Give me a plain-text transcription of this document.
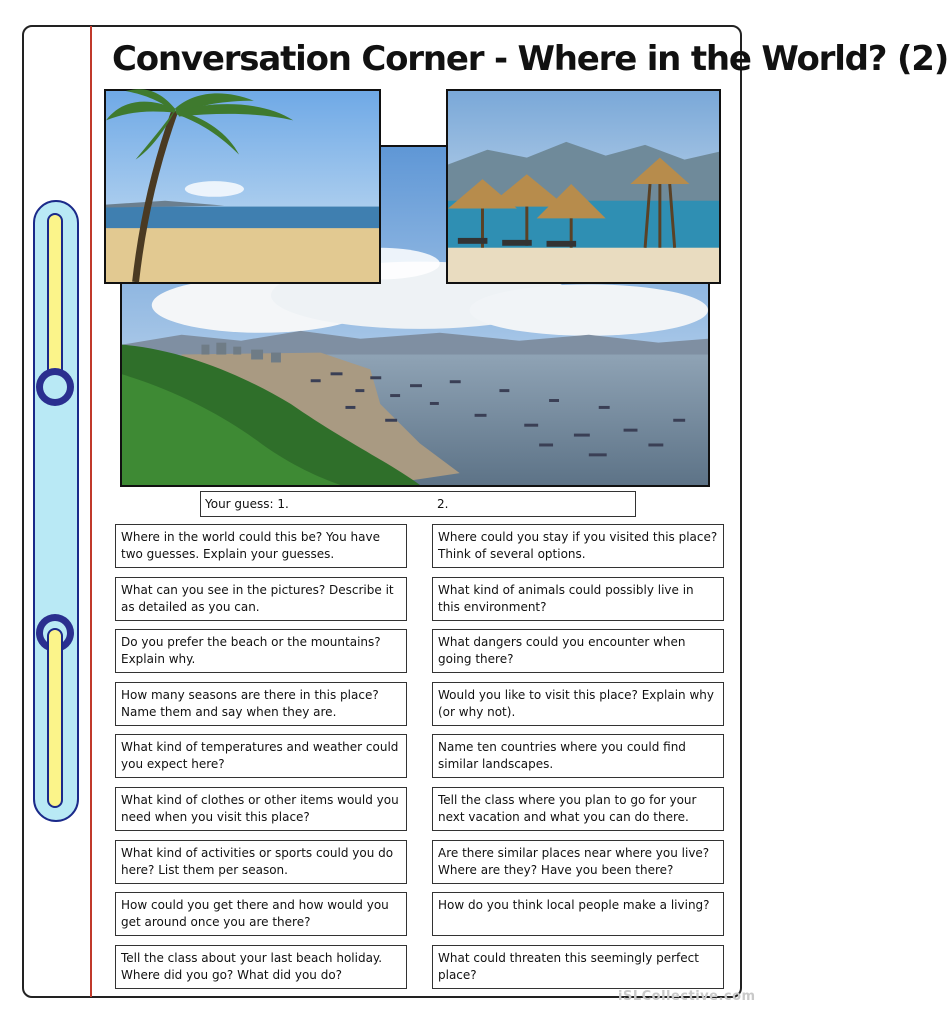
Conversation Corner - Where in the World? (2)
Your guess: 1.	2.
Where in the world could this be? You have two guesses. Explain your guesses.
What can you see in the pictures? Describe it as detailed as you can.
Do you prefer the beach or the mountains? Explain why.
How many seasons are there in this place? Name them and say when they are.
What kind of temperatures and weather could you expect here?
What kind of clothes or other items would you need when you visit this place?
What kind of activities or sports could you do here? List them per season.
How could you get there and how would you get around once you are there?
Tell the class about your last beach holiday. Where did you go? What did you do?
Where could you stay if you visited this place? Think of several options.
What kind of animals could possibly live in this environment?
What dangers could you encounter when going there?
Would you like to visit this place? Explain why (or why not).
Name ten countries where you could find similar landscapes.
Tell the class where you plan to go for your next vacation and what you can do there.
Are there similar places near where you live? Where are they? Have you been there?
How do you think local people make a living?
What could threaten this seemingly perfect place?
iSLCollective.com
